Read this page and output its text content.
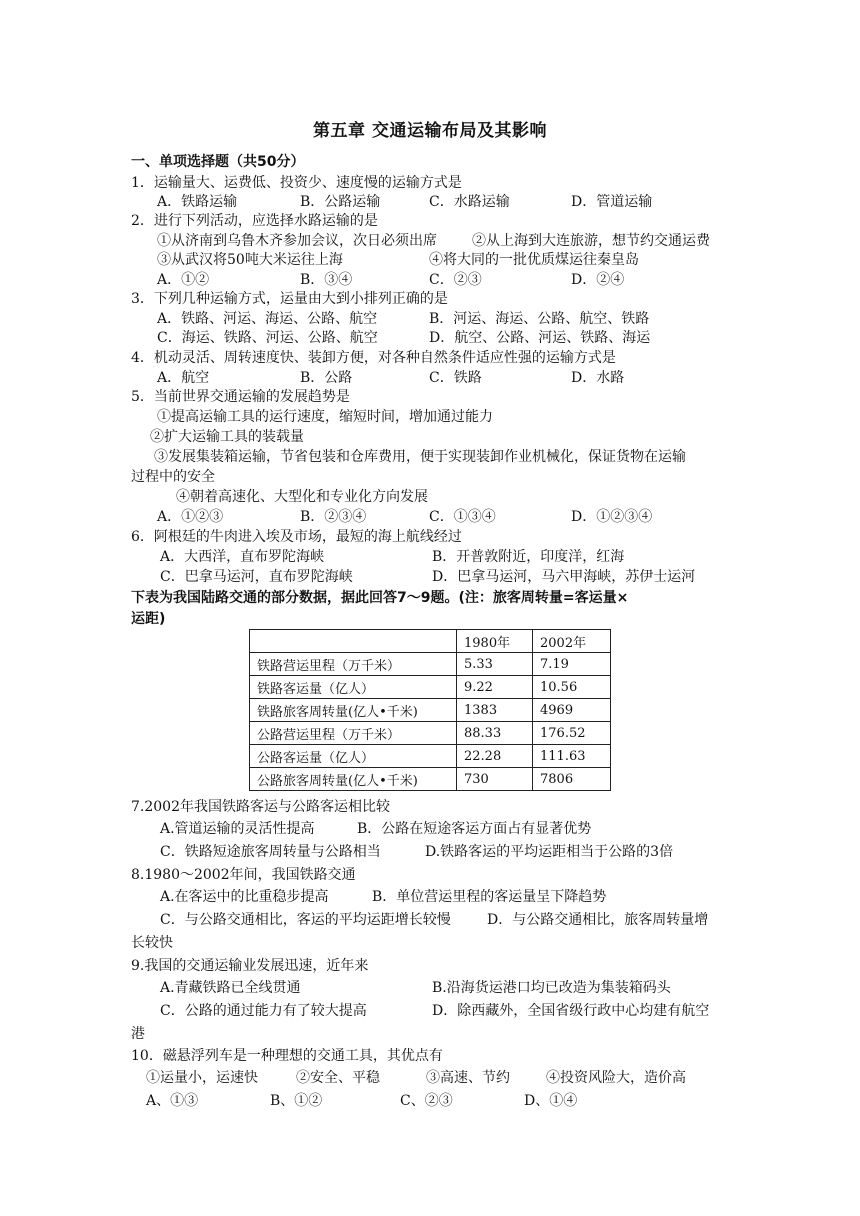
第五章 交通运输布局及其影响
一、单项选择题（共50分）
1．运输量大、运费低、投资少、速度慢的运输方式是
A．铁路运输	B．公路运输	C．水路运输	D．管道运输
2．进行下列活动，应选择水路运输的是
①从济南到乌鲁木齐参加会议，次日必须出席	②从上海到大连旅游，想节约交通运费
③从武汉将50吨大米运往上海	④将大同的一批优质煤运往秦皇岛
A．①②	B．③④	C．②③	D．②④
3．下列几种运输方式，运量由大到小排列正确的是
A．铁路、河运、海运、公路、航空	B．河运、海运、公路、航空、铁路
C．海运、铁路、河运、公路、航空	D．航空、公路、河运、铁路、海运
4．机动灵活、周转速度快、装卸方便，对各种自然条件适应性强的运输方式是
A．航空	B．公路	C．铁路	D．水路
5．当前世界交通运输的发展趋势是
①提高运输工具的运行速度，缩短时间，增加通过能力
②扩大运输工具的装载量
③发展集装箱运输，节省包装和仓库费用，便于实现装卸作业机械化，保证货物在运输
过程中的安全
④朝着高速化、大型化和专业化方向发展
A．①②③	B．②③④	C．①③④	D．①②③④
6．阿根廷的牛肉进入埃及市场，最短的海上航线经过
A．大西洋，直布罗陀海峡	B．开普敦附近，印度洋，红海
C．巴拿马运河，直布罗陀海峡	D．巴拿马运河，马六甲海峡，苏伊士运河
下表为我国陆路交通的部分数据，据此回答7～9题。(注：旅客周转量=客运量×
运距)
	1980年	2002年
铁路营运里程（万千米）	5.33	7.19
铁路客运量（亿人）	9.22	10.56
铁路旅客周转量(亿人•千米)	1383	4969
公路营运里程（万千米）	88.33	176.52
公路客运量（亿人）	22.28	111.63
公路旅客周转量(亿人•千米)	730	7806
7.2002年我国铁路客运与公路客运相比较
A.管道运输的灵活性提高	B．公路在短途客运方面占有显著优势
C．铁路短途旅客周转量与公路相当	D.铁路客运的平均运距相当于公路的3倍
8.1980～2002年间，我国铁路交通
A.在客运中的比重稳步提高	B．单位营运里程的客运量呈下降趋势
C．与公路交通相比，客运的平均运距增长较慢	D．与公路交通相比，旅客周转量增
长较快
9.我国的交通运输业发展迅速，近年来
A.青藏铁路已全线贯通	B.沿海货运港口均已改造为集装箱码头
C．公路的通过能力有了较大提高	D．除西藏外，全国省级行政中心均建有航空
港
10．磁悬浮列车是一种理想的交通工具，其优点有
①运量小，运速快	②安全、平稳	③高速、节约	④投资风险大，造价高
A、①③	B、①②	C、②③	D、①④
